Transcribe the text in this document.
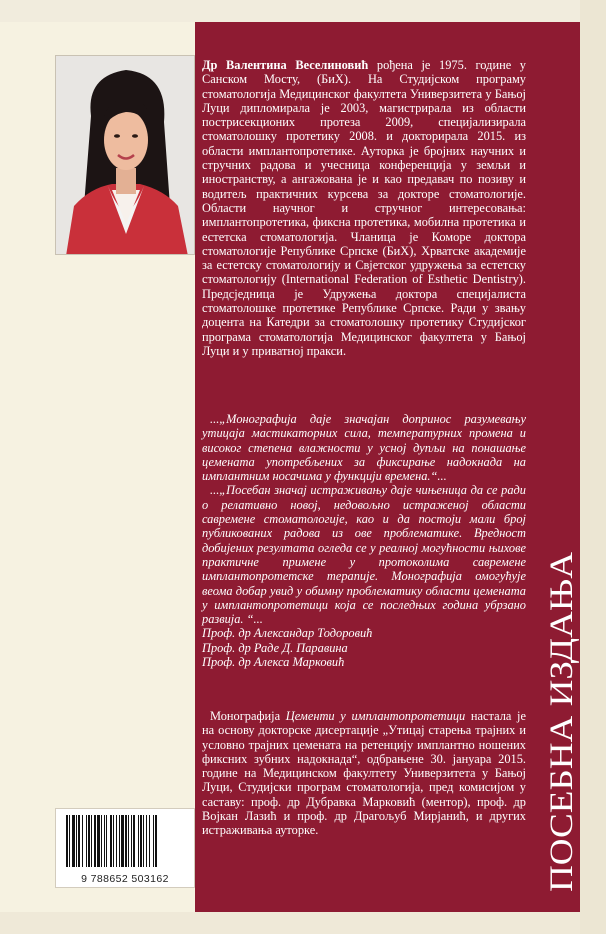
Др Валентина Веселиновић рођена је 1975. године у Санском Мосту, (БиХ). На Студијском програму стоматологија Медицинског факултета Универзитета у Бањој Луци дипломирала је 2003, магистрирала из области пострисекционих протеза 2009, специјализирала стоматолошку протетику 2008. и докторирала 2015. из области имплантопротетике. Ауторка је бројних научних и стручних радова и учесница конференција у земљи и иностранству, а ангажована је и као предавач по позиву и водитељ практичних курсева за докторе стоматологије. Области научног и стручног интересовања: имплантопротетика, фиксна протетика, мобилна протетика и естетска стоматологија. Чланица је Коморе доктора стоматологије Републике Српске (БиХ), Хрватске академије за естетску стоматологију и Свјетског удружења за естетску стоматологију (International Federation of Esthetic Dentistry). Предсједница је Удружења доктора специјалиста стоматолошке протетике Републике Српске. Ради у звању доцента на Катедри за стоматолошку протетику Студијског програма стоматологија Медицинског факултета у Бањој Луци и у приватној пракси.
...„Монографија даје значајан допринос разумевању утицаја мастикаторних сила, температурних промена и високог степена влажности у усној дупљи на понашање цемената употребљених за фиксирање надокнада на имплантним носачима у функцији времена.“...
...„Посебан значај истраживању даје чињеница да се ради о релативно новој, недовољно истраженој области савремене стоматологије, као и да постоји мали број публикованих радова из ове проблематике. Вредност добијених резултата огледа се у реалној могућности њихове практичне примене у протоколима савремене имплантопротетске терапије. Монографија омогућује веома добар увид у обимну проблематику области цемената у имплантопротетици која се последњих година убрзано развија. “...
Проф. др Александар Тодоровић
Проф. др Раде Д. Паравина
Проф. др Алекса Марковић
Монографија Цементи у имплантопротетици настала је на основу докторске дисертације „Утицај старења трајних и условно трајних цемената на ретенцију имплантно ношених фиксних зубних надокнада“, одбрањене 30. јануара 2015. године на Медицинском факултету Универзитета у Бањој Луци, Студијски програм стоматологија, пред комисијом у саставу: проф. др Дубравка Марковић (ментор), проф. др Војкан Лазић и проф. др Драгољуб Мирјанић, и других истраживања ауторке.	ПОСЕБНА ИЗДАЊА
9 788652 503162
